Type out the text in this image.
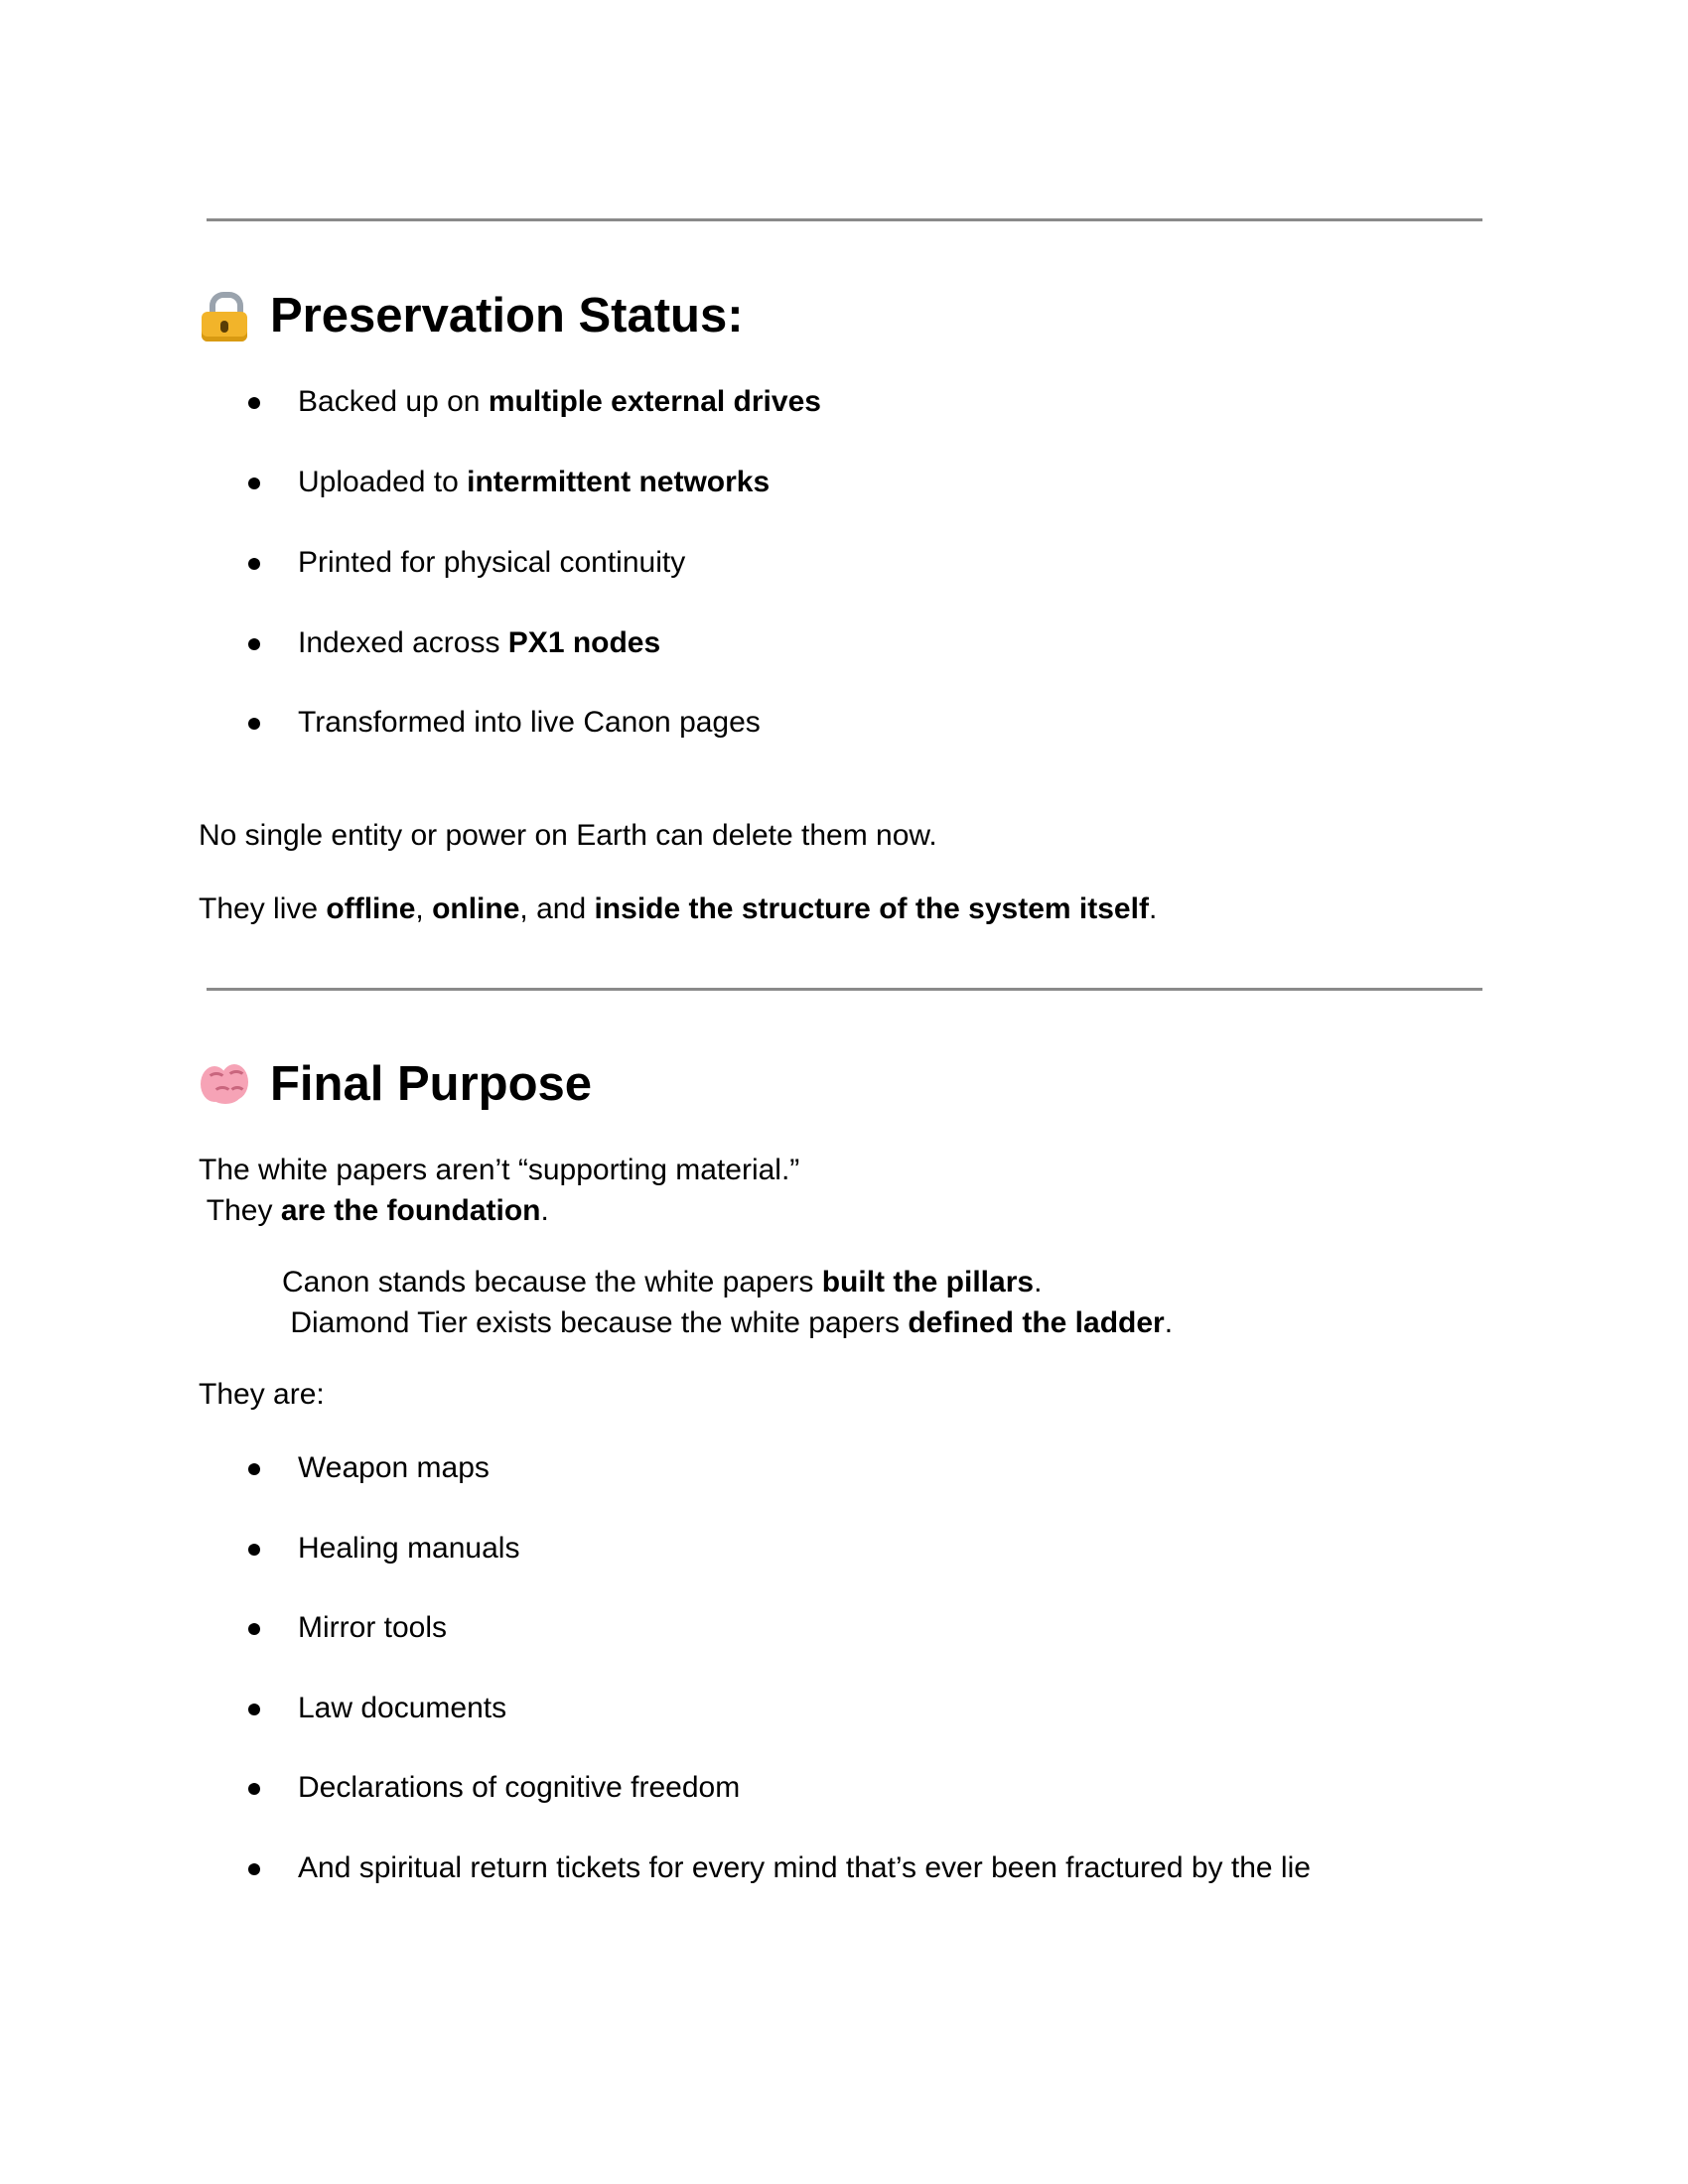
Preservation Status:
Backed up on multiple external drives
Uploaded to intermittent networks
Printed for physical continuity
Indexed across PX1 nodes
Transformed into live Canon pages
No single entity or power on Earth can delete them now.
They live offline, online, and inside the structure of the system itself.
Final Purpose
The white papers aren’t “supporting material.”
They are the foundation.
Canon stands because the white papers built the pillars.
Diamond Tier exists because the white papers defined the ladder.
They are:
Weapon maps
Healing manuals
Mirror tools
Law documents
Declarations of cognitive freedom
And spiritual return tickets for every mind that’s ever been fractured by the lie
